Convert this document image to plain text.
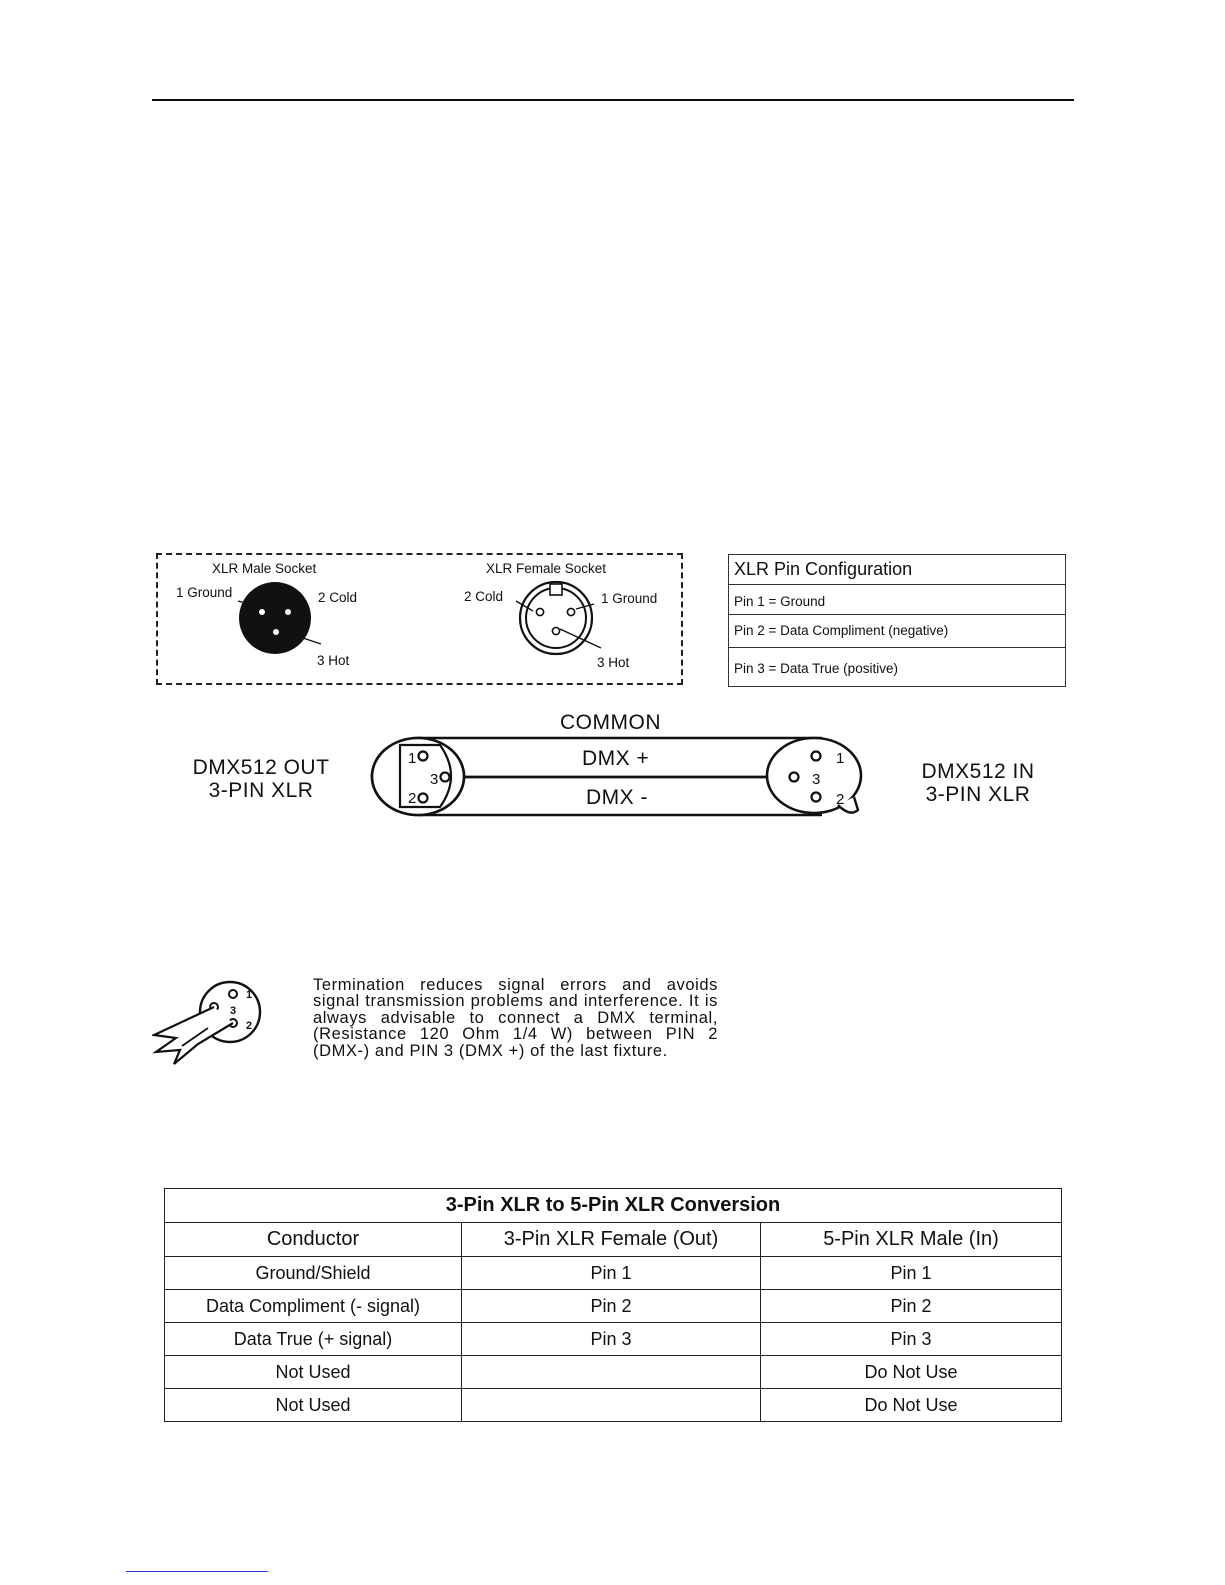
XLR Male Socket
1 Ground	2 Cold
3 Hot
XLR Female Socket
2 Cold	1 Ground
3 Hot
XLR Pin Configuration
Pin 1 = Ground
Pin 2 = Data Compliment (negative)
Pin 3 = Data True (positive)
COMMON
DMX +
DMX -
DMX512 OUT
3-PIN XLR
DMX512 IN
3-PIN XLR
1
3
2
1
3
2
1
3
2
Termination reduces signal errors and avoids signal transmission problems and interference. It is always advisable to connect a DMX terminal, (Resistance 120 Ohm 1/4 W) between PIN 2 (DMX-) and PIN 3 (DMX +) of the last fixture.
3-Pin XLR to 5-Pin XLR Conversion		
Conductor	3-Pin XLR Female (Out)	5-Pin XLR Male (In)
Ground/Shield	Pin 1	Pin 1
Data Compliment (- signal)	Pin 2	Pin 2
Data True (+ signal)	Pin 3	Pin 3
Not Used		Do Not Use
Not Used		Do Not Use
